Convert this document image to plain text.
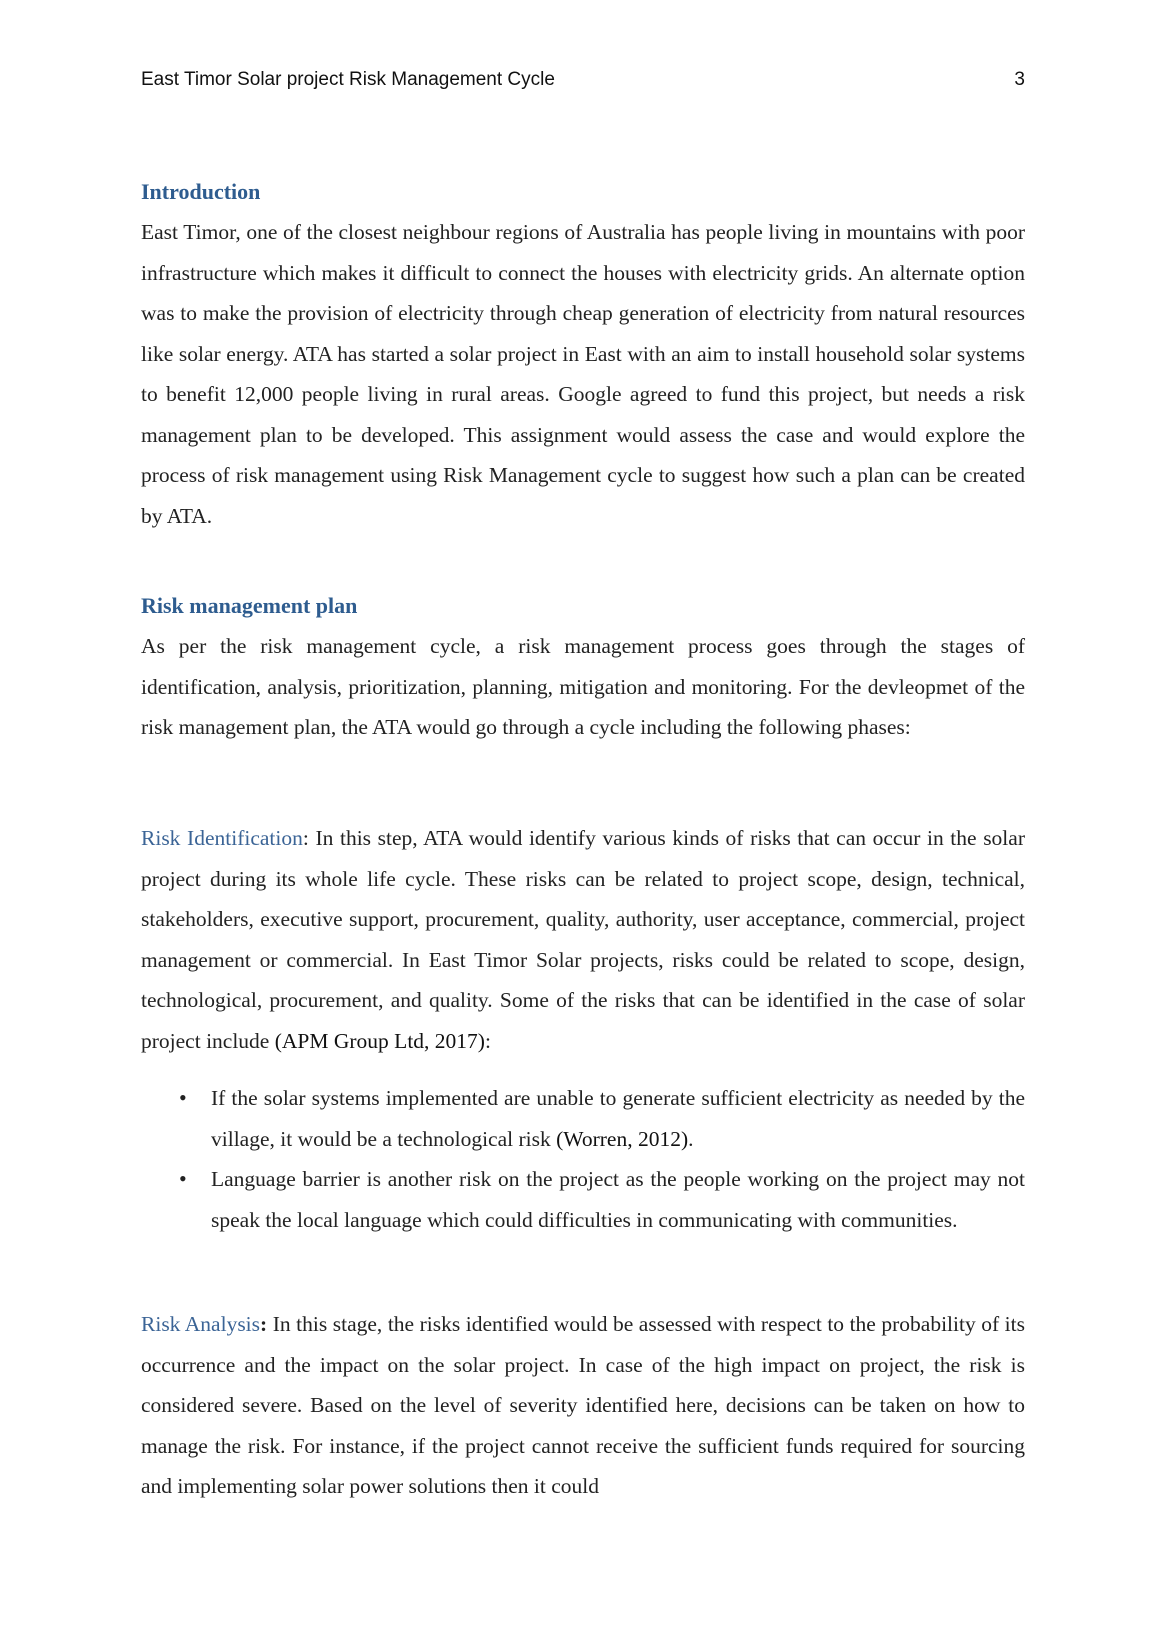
East Timor Solar project Risk Management Cycle	3
Introduction

East Timor, one of the closest neighbour regions of Australia has people living in mountains with poor infrastructure which makes it difficult to connect the houses with electricity grids. An alternate option was to make the provision of electricity through cheap generation of electricity from natural resources like solar energy. ATA has started a solar project in East with an aim to install household solar systems to benefit 12,000 people living in rural areas. Google agreed to fund this project, but needs a risk management plan to be developed. This assignment would assess the case and would explore the process of risk management using Risk Management cycle to suggest how such a plan can be created by ATA.

Risk management plan

As per the risk management cycle, a risk management process goes through the stages of identification, analysis, prioritization, planning, mitigation and monitoring. For the devleopmet of the risk management plan, the ATA would go through a cycle including the following phases:

Risk Identification: In this step, ATA would identify various kinds of risks that can occur in the solar project during its whole life cycle. These risks can be related to project scope, design, technical, stakeholders, executive support, procurement, quality, authority, user acceptance, commercial, project management or commercial. In East Timor Solar projects, risks could be related to scope, design, technological, procurement, and quality. Some of the risks that can be identified in the case of solar project include (APM Group Ltd, 2017):

• If the solar systems implemented are unable to generate sufficient electricity as needed by the village, it would be a technological risk (Worren, 2012).
• Language barrier is another risk on the project as the people working on the project may not speak the local language which could difficulties in communicating with communities.

Risk Analysis: In this stage, the risks identified would be assessed with respect to the probability of its occurrence and the impact on the solar project. In case of the high impact on project, the risk is considered severe. Based on the level of severity identified here, decisions can be taken on how to manage the risk. For instance, if the project cannot receive the sufficient funds required for sourcing and implementing solar power solutions then it could
